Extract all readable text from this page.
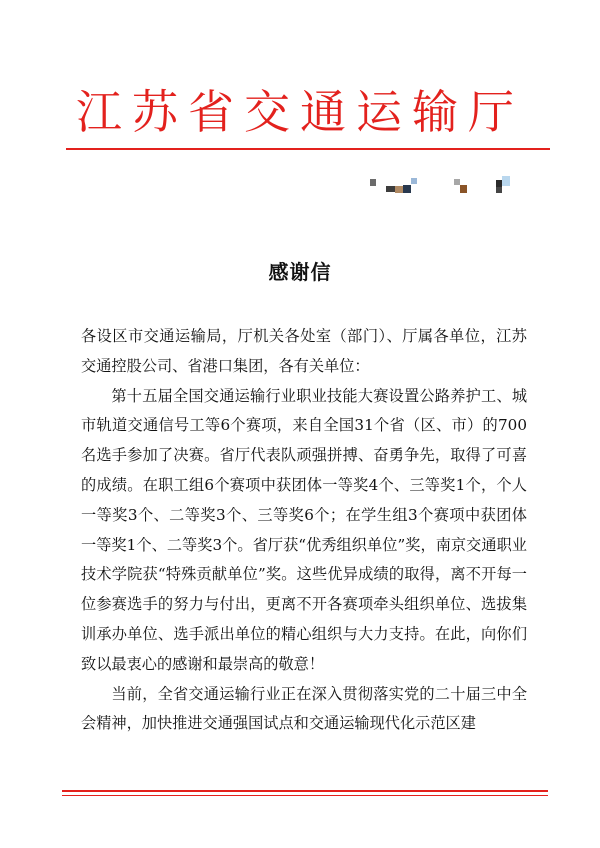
江苏省交通运输厅
感谢信

各设区市交通运输局，厅机关各处室（部门）、厅属各单位，江苏交通控股公司、省港口集团，各有关单位：

第十五届全国交通运输行业职业技能大赛设置公路养护工、城市轨道交通信号工等6个赛项，来自全国31个省（区、市）的700名选手参加了决赛。省厅代表队顽强拼搏、奋勇争先，取得了可喜的成绩。在职工组6个赛项中获团体一等奖4个、三等奖1个，个人一等奖3个、二等奖3个、三等奖6个；在学生组3个赛项中获团体一等奖1个、二等奖3个。省厅获“优秀组织单位”奖，南京交通职业技术学院获“特殊贡献单位”奖。这些优异成绩的取得，离不开每一位参赛选手的努力与付出，更离不开各赛项牵头组织单位、选拔集训承办单位、选手派出单位的精心组织与大力支持。在此，向你们致以最衷心的感谢和最崇高的敬意！

当前，全省交通运输行业正在深入贯彻落实党的二十届三中全会精神，加快推进交通强国试点和交通运输现代化示范区建
